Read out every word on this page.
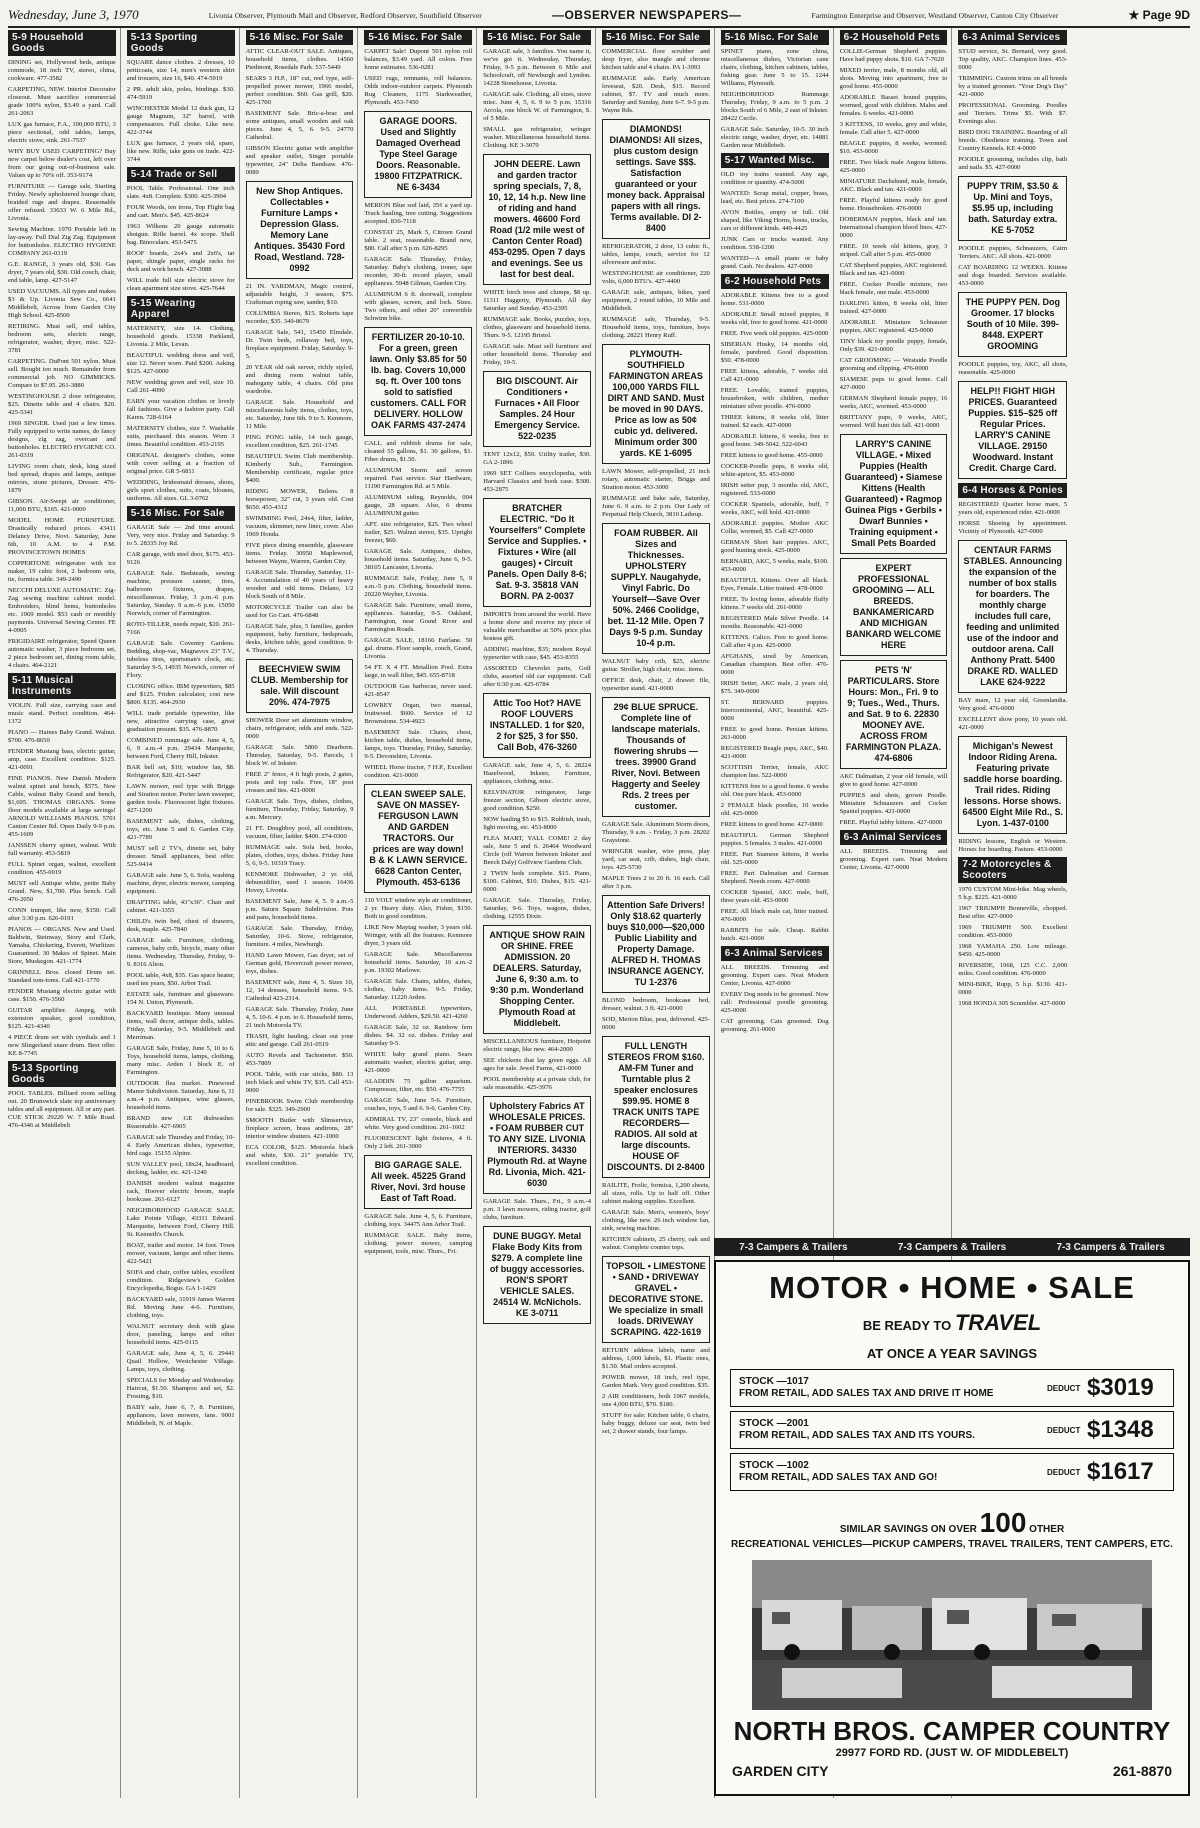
Wednesday, June 3, 1970	Livonia Observer, Plymouth Mail and Observer, Redford Observer, Southfield Observer	—OBSERVER NEWSPAPERS—	Farmington Enterprise and Observer, Westland Observer, Canton City Observer	★ Page 9D
5-9 Household Goods
DINING set, Hollywood beds, antique commode, 18 inch TV, stereo, china, cookware. 477-3582
CARPETING, NEW. Interior Decorator closeout. Must sacrifice commercial grade 100% nylon, $3.49 a yard. Call 261-2063
LUX gas furnace, F.A., 100,000 BTU, 3 piece sectional, odd tables, lamps, electric stove, sink. 261-7537
WHY BUY USED CARPETING? Buy new carpet below dealer's cost, left over from our going out-of-business sale. Values up to 70% off. 353-9174
FURNITURE — Garage sale, Starting Friday. Newly upholstered lounge chair, braided rugs and drapes. Reasonable offer refused. 33633 W. 6 Mile Rd., Livonia.
Sewing Machine. 1970 Portable left in lay-away. Full Dial Zig Zag. Equipment for buttonholes. ELECTRO HYGIENE COMPANY 261-0319
G.E. RANGE, 3 years old, $30. Gas dryer, 7 years old, $30. Old couch, chair, end table, lamp. 427-5147
USED VACUUMS. All types and makes $3 & Up. Livonia Sew Co., 6641 Middlebelt, Across from Garden City High School. 425-8500
RETIRING. Must sell, end tables, bedroom sets, electric range, refrigerator, washer, dryer, misc. 522-3781
CARPETING. DuPont 501 nylon. Must sell. Bought too much. Remainder from commercial job. NO GIMMICKS. Compare to $7.95. 261-3880
WESTINGHOUSE 2 door refrigerator, $25. Dinette table and 4 chairs. $20. 425-5341
1969 SINGER. Used just a few times. Fully equipped to write names, do fancy designs, zig zag, overcast and buttonholes. ELECTRO HYGIENE CO. 261-0319
LIVING room chair, desk, king sized bed spread, drapes and lamps, antique mirrors, stone pictures, Dresser. 476-1879
GIBSON. Air-Swept air conditioner, 11,000 BTU, $165. 421-0000
MODEL HOME FURNITURE. Drastically reduced prices. 43411 Delancy Drive, Novi. Saturday, June 6th, 10 A.M. to 4 P.M. PROVINCETOWN HOMES
COPPERTONE refrigerator with ice maker, 19 cubic foot, 2 bedroom sets, tie, formica table. 349-2490
NECCHI DELUXE AUTOMATIC. Zig-Zag sewing machine cabinet model. Embroiders, blind hems, buttonholes etc. 1969 model. $53 cash or monthly payments. Universal Sewing Center. FE 4-0905
FRIGIDAIRE refrigerator, Speed Queen automatic washer, 3 piece bedroom set, 2 piece bedroom set, dining room table, 4 chairs. 464-2121
5-11 Musical Instruments
VIOLIN. Full size, carrying case and music stand. Perfect condition. 464-1372
PIANO — Haines Baby Grand. Walnut. $700. 476-8650
FENDER Mustang bass, electric guitar, amp, case. Excellent condition. $125. 421-0091
FINE PIANOS. New Danish Modern walnut spinet and bench, $575. New Cable, walnut Baby Grand and bench, $1,695. THOMAS ORGANS. Some floor models available at large savings! ARNOLD WILLIAMS PIANOS. 5701 Canton Center Rd. Open Daily 9-9 p.m. 455-1609
JANSSEN cherry spinet, walnut. With full warranty. 453-5819
FULL Spinet organ, walnut, excellent condition. 455-0019
MUST sell Antique white, petite Baby Grand. New, $1,700. Plus bench. Call 476-2050
CONN trumpet, like new, $150. Call after 3:30 p.m. 626-0191
PIANOS — ORGANS. New and Used. Baldwin, Steinway, Story and Clark, Yamaha, Chickering, Everett, Wurlitzer. Guaranteed. 30 Makes of Spinet. Main Store, Muskegon. 421-1774
GRINNELL Bros. closed Drum set. Standard tom-toms. Call 421-1770
FENDER Mustang electric guitar with case. $150. 476-3560
GUITAR amplifier. Ampeg, with extension speaker, good condition, $125. 421-4340
4 PIECE drum set with cymbals and 1 new Slingerland snare drum. Best offer. KE 8-7745
5-13 Sporting Goods
POOL TABLES. Billiard room selling out. 20 Brunswick slate top anniversary tables and all equipment. All or any part. CUE STICK 29220 W. 7 Mile Road. 476-4346 at Middlebelt
5-13 Sporting Goods
SQUARE dance clothes. 2 dresses, 10 petticoats, size 14, men's western shirt and trousers, size 16, $40. 474-5919
2 PR. adult skis, poles, bindings. $30. 474-5919
WINCHESTER Model 12 duck gun, 12 gauge Magnum, 32" barrel, with compensators. Full choke. Like new. 422-3744
LUX gas furnace, 2 years old, spare, like new. Rifle, take guns on trade. 422-3744
5-14 Trade or Sell
POOL Table. Professional. One inch slate. 4x8. Complete. $300. 425-3904
FOUR Woods, ten irons, Top Flight bag and cart. Men's. $45. 425-8624
1963 Wilkens 20 gauge automatic shotgun. Rifle barrel. 4x scope. Shell bag. Binoculars. 453-5475
ROOF boards, 2x4's and 2x6's, tar paper, shingle paper, single racks for deck and work bench. 427-3088
WILL trade full size electric stove for clean apartment size stove. 425-7644
5-15 Wearing Apparel
MATERNITY, size 14. Clothing, household goods. 15338 Parkland, Livonia. 2 Mile, Levan.
BEAUTIFUL wedding dress and veil, size 12. Never worn. Paid $200. Asking $125. 427-0000
NEW wedding gown and veil, size 10. Call 261-4090
EARN your vacation clothes or lovely fall fashions. Give a fashion party. Call Karen. 728-6164
MATERNITY clothes, size 7. Washable suits, purchased this season. Worn 3 times. Beautiful condition. 453-2195
ORIGINAL designer's clothes, some with cover selling at a fraction of original price. GR 5-6811
WEDDING, bridesmaid dresses, shoes, girls sport clothes, suits, coats, blouses, uniforms. All sizes. GL 3-0762
5-16 Misc. For Sale
GARAGE Sale — 2nd time around. Very, very nice. Friday and Saturday. 9 to 5. 28335 Joy Rd.
CAR garage, with steel door, $175. 453-9126
GARAGE Sale. Bedsteads, sewing machine, pressure canner, tires, bathroom fixtures, drapes, miscellaneous. Friday, 3 p.m.-6 p.m. Saturday, Sunday. 9 a.m.-6 p.m. 15050 Norwich, corner of Farmington.
ROTO-TILLER, needs repair, $20. 261-7166
GARAGE Sale. Coventry Gardens. Bedding, shop-vac, Magnavox 23" T.V., tubeless tires, sportsman's clock, etc. Saturday 9-5, 14935 Norwich, corner of Flory.
CLOSING office. IBM typewriters, $85 and $125. Friden calculator, cost new $800. $135. 464-2930
WILL trade portable typewriter, like new, attractive carrying case, great graduation present. $35. 476-8870
COMBINED rummage sale. June 4, 5, 6, 9 a.m.-4 p.m. 29434 Marquette, between Ford, Cherry Hill, Inkster.
BAR bell set, $10; window fan, $8. Refrigerator, $20. 421-5447
LAWN mower, reel type with Briggs and Stratton motor. Porter lawn sweeper, garden tools. Fluorescent light fixtures. 427-1200
BASEMENT sale, dishes, clothing, toys, etc. June 5 and 6. Garden City. 421-7789
MUST sell 2 TV's, dinette set, baby dresser. Small appliances, best offer. 525-9414
GARAGE sale. June 5, 6. Sofa, washing machine, dryer, electric mower, camping equipment.
DRAFTING table, 43"x36". Chair and cabinet. 421-3355
CHILD's twin bed, chest of drawers, desk, maple. 425-7840
GARAGE sale. Furniture, clothing, cameras, baby crib, bicycle, many other items. Wednesday, Thursday, Friday, 9-9. 8316 Alton.
POOL table, 4x8, $35. Gas space heater, used ten years, $50. Arbor Trail.
ESTATE sale, furniture and glassware. 154 N. Union, Plymouth.
BACKYARD boutique. Many unusual items, wall decor, antique dolls, tables. Friday, Saturday, 9-5. Middlebelt and Merriman.
GARAGE Sale, Friday, June 5, 10 to 6. Toys, household items, lamps, clothing, many misc. Arden 1 block E. of Farmington.
OUTDOOR flea market. Pinewood Manor Subdivision. Saturday, June 6, 11 a.m.-4 p.m. Antiques, wine glasses, household items.
BRAND new GE dishwasher. Reasonable. 427-6905
GARAGE sale Thursday and Friday, 10-4. Early American dishes, typewriter, bird cage. 15155 Alpine.
SUN VALLEY pool, 18x24, headboard, decking, ladder, etc. 421-1240
DANISH modern walnut magazine rack, Hoover electric broom, maple bookcase. 261-6127
NEIGHBORHOOD GARAGE SALE. Lake Pointe Village, 43311 Edward. Marquette, between Ford, Cherry Hill. St. Kenneth's Church.
BOAT, trailer and motor. 14 foot. Town mower, vacuum, lamps and other items. 422-5421
SOFA and chair, coffee tables, excellent condition. Ridgeview's Golden Encyclopedia, Bogus. GA 1-1429
BACKYARD sale, 31919 James Warren Rd. Moving June 4-6. Furniture, clothing, toys.
WALNUT secretary desk with glass door, paneling, lamps and other household items. 425-0115
GARAGE sale, June 4, 5, 6. 29441 Quail Hollow, Westchester Village. Lamps, toys, clothing.
SPECIALS for Monday and Wednesday. Haircut, $1.50. Shampoo and set, $2. Frosting, $10.
BABY sale, June 6, 7, 8. Furniture, appliances, lawn mowers, fans. 9001 Middlebelt, N. of Maple.
5-16 Misc. For Sale
ATTIC CLEAR-OUT SALE. Antiques, household items, clothes. 14560 Piedmont, Rosedale Park. 537-5449
SEARS 3 H.P., 18" cut, reel type, self-propelled power mower, 1966 model, perfect condition. $60. Gas grill, $20. 425-1700
BASEMENT Sale. Bric-a-brac and some antiques, small wooden and oak pieces. June 4, 5, 6. 9-5. 24770 Cathedral.
GIBSON Electric guitar with amplifier and speaker outlet, Singer portable typewriter, 24" Delta Bandsaw. 476-0089
New Shop Antiques. Collectables • Furniture Lamps • Depression Glass. Memory Lane Antiques. 35430 Ford Road, Westland. 728-0992
21 IN. YARDMAN, Magic control, adjustable height, 3 season, $75. Craftsman roping saw, sander, $10.
COLUMBIA Stereo, $15. Roberts tape recorder, $35. 349-8679
GARAGE Sale, 541, 15450 Elmdale. Dr. Twin beds, rollaway bed, toys, fireplace equipment. Friday, Saturday. 9-5.
20 YEAR old oak server, richly styled, and dining room walnut table, mahogany table, 4 chairs. Old pine wardrobe.
GARAGE Sale. Household and miscellaneous baby items, clothes, toys, etc. Saturday, June 6th. 9 to 5. Kenmore, 11 Mile.
PING PONG table, 14 inch gauge, excellent condition, $25. 261-1745
BEAUTIFUL Swim Club membership. Kimberly Sub., Farmington. Membership certificate, regular price $400.
RIDING MOWER, Bolens. 8 horsepower, 32" cut, 3 years old. Cost $650. 453-4312
SWIMMING Pool, 24x4, filter, ladder, vacuum, skimmer, new liner, cover. Also 1969 Honda.
FIVE piece dining ensemble, glassware items. Friday. 30950 Maplewood, between Wayne, Warren, Garden City.
GARAGE Sale. Thursday, Saturday, 11-4. Accumulation of 40 years of heavy wooden and odd items. Delano, 1/2 block South of 8 Mile.
MOTORCYCLE Trailer can also be used for Go Cart. 476-6848
GARAGE Sale, plus, 5 families, garden equipment, baby furniture, bedspreads, desks, kitchen table, good condition. 9-4. Thursday.
BEECHVIEW SWIM CLUB. Membership for sale. Will discount 20%. 474-7975
SHOWER Door set aluminum window, chairs, refrigerator, odds and ends. 522-0000
GARAGE Sale. 5800 Dearborn. Thursday, Saturday, 9-5. Parcels, 1 block W. of Inkster.
FREE 2" fence, 4 ft high posts, 2 gates, posts and top rails. Free, 18" post crosses and ties. 421-0000
GARAGE Sale. Toys, dishes, clothes, furniture, Thursday, Friday, Saturday, 9 a.m. Mercury.
21 FT. Doughboy pool, all conditions, vacuum, filter, ladder. $400. 274-0300
RUMMAGE sale. Sofa bed, books, plates, clothes, toys, dishes. Friday June 5, 6, 9-5. 10319 Tracy.
KENMORE Dishwasher, 2 yr. old, dehumidifier, used 1 season. 16436 Hovey, Livonia.
BASEMENT Sale, June 4, 5. 9 a.m.-5 p.m. Saturn Square Subdivision. Pots and pans, household items.
GARAGE Sale. Thursday, Friday, Saturday, 10-6. Stove, refrigerator, furniture. 4 miles, Newburgh.
HAND Lawn Mower, Gas dryer, set of German gold, Hovercraft power mower, toys, dishes.
BASEMENT sale, June 4, 5. Sizes 10, 12, 14 dresses, household items. 9-5. Cathedral 423-2314.
GARAGE Sale. Thursday, Friday, June 4, 5. 10-6. 4 p.m. to 6. Household items, 21 inch Motorola TV.
TRASH, light hauling, clean out your attic and garage. Call 261-0519
AUTO Revels and Tachometer. $50. 453-7809
POOL Table, with cue sticks, $80. 13 inch black and white TV, $35. Call 453-9000
PINEBROOK Swim Club membership for sale. $325. 349-2900
SMOOTH Butler with Slimservice, fireplace screen, brass andirons, 28" interior window shutters. 421-1000
ECA COLOR, $125. Motorola black and white, $30. 21" portable TV, excellent condition.
5-16 Misc. For Sale
CARPET Sale! Dupont 501 nylon roll balances, $3.49 yard. All colors. Free home estimates. 536-0281
USED rugs, remnants, roll balances. Odds indoor-outdoor carpets. Plymouth Rug Cleaners, 1175 Starkweather, Plymouth. 453-7450
GARAGE DOORS. Used and Slightly Damaged Overhead Type Steel Garage Doors. Reasonable. 19800 FITZPATRICK. NE 6-3434
MERION Blue sod laid, 35¢ a yard up. Truck hauling, tree cutting. Suggestions accepted. 836-7118
CONSTAT 25, Mark 5, Citroen Grand table. 2 seat, reasonable. Brand new, $80. Call after 5 p.m. 626-8295
GARAGE Sale. Thursday, Friday, Saturday. Baby's clothing, ironer, tape recorder, 30-ft. record player, small appliances. 5948 Gilman, Garden City.
ALUMINUM 6 ft. doorwall, complete with glasses, screen, and lock. Sizes. Two others, and other 20" convertible Schwinn bike.
FERTILIZER 20-10-10. For a green, green lawn. Only $3.85 for 50 lb. bag. Covers 10,000 sq. ft. Over 100 tons sold to satisfied customers. CALL FOR DELIVERY. HOLLOW OAK FARMS 437-2474
CALL and rubbish drums for sale, cleaned 55 gallons, $1. 30 gallons, $1. Fiber drums, $1.50.
ALUMINUM Storm and screen repaired. Fast service. Star Hardware, 11190 Farmington Rd. at 5 Mile.
ALUMINUM siding, Reynolds, 004 gauge, 28 square. Also, 6 drums ALUMINUM gutter.
APT. size refrigerator, $25. Two wheel trailer, $25. Walnut stereo, $35. Upright freezer, $60.
GARAGE Sale. Antiques, dishes, household items. Saturday, June 6, 9-5. 38105 Lancaster, Livonia.
RUMMAGE Sale, Friday, June 5, 9 a.m.-5 p.m. Clothing, household items. 20220 Weyher, Livonia.
GARAGE Sale. Furniture, small items, appliances. Saturday, 9-5. Oakland, Farmington, near Grand River and Farmington Roads.
GARAGE SALE, 18166 Fairlane. 50 gal. drums. Floor sample, couch, Grand, Livonia.
54 FT. X 4 FT. Metallion Pool. Extra large, in wall filter, $45. 655-8718
OUTDOOR Gas barbecue, never used. 421-8547
LOWREY Organ, two manual, fruitwood. $600. Service of 12 Brownstone. 534-4923
BASEMENT Sale. Chairs, chest, kitchen table, dishes, household items, lamps, toys. Thursday, Friday, Saturday. 9-5. Devonshire, Livonia.
WHEEL Horse tractor, 7 H.P., Excellent condition. 421-0000
CLEAN SWEEP SALE. SAVE ON MASSEY-FERGUSON LAWN AND GARDEN TRACTORS. Our prices are way down! B & K LAWN SERVICE. 6628 Canton Center, Plymouth. 453-6136
110 VOLT window style air conditioner, 2 yr. Heavy duty. Also, Fisher, $150. Both in good condition.
LIKE New Maytag washer, 3 years old. Wringer, with all the features. Kenmore dryer, 3 years old.
GARAGE Sale. Miscellaneous household items. Saturday, 10 a.m.-2 p.m. 19302 Marlowe.
GARAGE Sale. Chairs, tables, dishes, clothes, baby items. 9-5. Friday, Saturday. 11220 Arden.
ALL PORTABLE typewriters, Underwood. Adders, $29.50. 421-4260
GARAGE Sale, 32 oz. Rainbow fern dishes. $4. 32 oz. dishes. Friday and Saturday 9-5.
WHITE baby grand piano. Sears automatic washer, electric guitar, amp. 421-0000
ALADDIN 75 gallon aquarium. Compressor, filter, etc. $50. 476-7755
GARAGE Sale, June 5-6. Furniture, couches, toys, 5 and 6. 9-6. Garden City.
ADMIRAL TV, 23" console, black and white. Very good condition. 261-1602
FLUORESCENT light fixtures, 4 ft. Only 2 left. 261-3000
BIG GARAGE SALE. All week. 45225 Grand River, Novi. 3rd house East of Taft Road.
GARAGE Sale. June 4, 5, 6. Furniture, clothing, toys. 34475 Ann Arbor Trail.
RUMMAGE SALE. Baby items, clothing, power mower, camping equipment, tools, misc. Thurs., Fri.
5-16 Misc. For Sale
GARAGE sale, 3 families. You name it, we've got it. Wednesday, Thursday, Friday, 9-5 p.m. Between 6 Mile and Schoolcraft, off Newburgh and Lyndon. 14228 Stonehouse, Livonia.
GARAGE sale. Clothing, all sizes, stove misc. June 4, 5, 6. 9 to 5 p.m. 15316 Arcola, one block W. of Farmington, S. of 5 Mile.
SMALL gas refrigerator, wringer washer. Miscellaneous household items. Clothing. KE 3-3079
JOHN DEERE. Lawn and garden tractor spring specials, 7, 8, 10, 12, 14 h.p. New line of riding and hand mowers. 46600 Ford Road (1/2 mile west of Canton Center Road) 453-0295. Open 7 days and evenings. See us last for best deal.
WHITE birch trees and clumps, $8 up. 11311 Haggerty, Plymouth. All day Saturday and Sunday. 453-2395
RUMMAGE sale. Books, puzzles, toys, clothes, glassware and household items. Thurs. 9-5. 12195 Bristol.
GARAGE sale. Must sell furniture and other household items. Thursday and Friday, 10-5.
BIG DISCOUNT. Air Conditioners • Furnaces • All Floor Samples. 24 Hour Emergency Service. 522-0235
TENT 12x12, $50. Utility trailer, $30. GA 2-1896
1969 SET Colliers encyclopedia, with Harvard Classics and book case. $300. 453-2875
BRATCHER ELECTRIC. "Do It Yourselfers" Complete Service and Supplies. • Fixtures • Wire (all gauges) • Circuit Panels. Open Daily 8-6; Sat. 9-3. 35818 VAN BORN. PA 2-0037
IMPORTS from around the world. Have a home show and receive my piece of valuable merchandise at 50% price plus hostess gift.
ADDING machine, $35; modern Royal typewriter with case, $45. 453-8355
ASSORTED Chevrolet parts, Golf clubs, assorted old car equipment. Call after 6:30 p.m. 425-6784
Attic Too Hot? HAVE ROOF LOUVERS INSTALLED. 1 for $20, 2 for $25, 3 for $50. Call Bob, 476-3260
GARAGE sale, June 4, 5, 6. 28224 Hazelwood, Inkster, Furniture, appliances, clothing, misc.
KELVINATOR refrigerator, large freezer section, Gibson electric stove, good condition. $250.
NOW hauling $5 to $15. Rubbish, trash, light moving, etc. 453-8000
FLEA MART, YALL COME! 2 day sale, June 5 and 6. 26464 Woodward Circle (off Warren between Inkster and Beech Daly) Golfview Gardens Club.
2 TWIN beds complete. $15. Piano, $100. Cabinet, $10. Dishes, $15. 421-0000
GARAGE Sale. Thursday, Friday, Saturday, 9-6. Toys, wagons, dishes, clothing. 12555 Dixie.
ANTIQUE SHOW RAIN OR SHINE. FREE ADMISSION. 20 DEALERS. Saturday, June 6, 9:30 a.m. to 9:30 p.m. Wonderland Shopping Center. Plymouth Road at Middlebelt.
MISCELLANEOUS furniture, Hotpoint electric range, like new. 464-2000
SEE chickens that lay green eggs. All ages for sale. Jewel Farms, 421-0000
POOL membership at a private club, for sale reasonable. 425-3976
Upholstery Fabrics AT WHOLESALE PRICES. • FOAM RUBBER CUT TO ANY SIZE. LIVONIA INTERIORS. 34330 Plymouth Rd. at Wayne Rd. Livonia, Mich. 421-6030
GARAGE Sale. Thurs., Fri., 9 a.m.-4 p.m. 3 lawn mowers, riding tractor, golf clubs, furniture.
DUNE BUGGY. Metal Flake Body Kits from $279. A complete line of buggy accessories. RON'S SPORT VEHICLE SALES. 24514 W. McNichols. KE 3-0711
5-16 Misc. For Sale
COMMERCIAL floor scrubber and deep fryer, also mangle and chrome kitchen table and 4 chairs. PA 1-3093
RUMMAGE sale. Early American loveseat, $20. Desk, $15. Record cabinet, $7. TV and much more. Saturday and Sunday, June 6-7. 9-5 p.m. Wayne Rds.
DIAMONDS! DIAMONDS! All sizes, plus custom design settings. Save $$$. Satisfaction guaranteed or your money back. Appraisal papers with all rings. Terms available. DI 2-8400
REFRIGERATOR, 2 door, 13 cubic ft., tables, lamps, couch, service for 12 silverware and misc.
WESTINGHOUSE air conditioner, 220 volts, 6,000 BTU's. 427-4400
GARAGE sale, antiques, bikes, yard equipment, 2 round tables, 10 Mile and Middlebelt.
RUMMAGE sale, Thursday, 9-5. Household items, toys, furniture, boys clothing. 28221 Henry Ruff.
PLYMOUTH-SOUTHFIELD FARMINGTON AREAS 100,000 YARDS FILL DIRT AND SAND. Must be moved in 90 DAYS. Price as low as 50¢ cubic yd. delivered. Minimum order 300 yards. KE 1-6095
LAWN Mower, self-propelled, 21 inch rotary, automatic starter, Briggs and Stratton motor. 453-3000
RUMMAGE and bake sale, Saturday, June 6. 9 a.m. to 2 p.m. Our Lady of Perpetual Help Church, 3810 Lathrup.
FOAM RUBBER. All Sizes and Thicknesses. UPHOLSTERY SUPPLY. Naugahyde, Vinyl Fabric. Do Yourself—Save Over 50%. 2466 Coolidge, bet. 11-12 Mile. Open 7 Days 9-5 p.m. Sunday 10-4 p.m.
WALNUT baby crib, $25, electric guitar. Stroller, high chair, misc. items.
OFFICE desk, chair, 2 drawer file, typewriter stand. 421-0000
29¢ BLUE SPRUCE. Complete line of landscape materials. Thousands of flowering shrubs — trees. 39900 Grand River, Novi. Between Haggerty and Seeley Rds. 2 trees per customer.
GARAGE Sale. Aluminum Storm doors, Thursday, 9 a.m. - Friday, 3 p.m. 28202 Graystone.
WRINGER washer, wire press, play yard, car seat, crib, dishes, high chair, toys. 425-5730
MAPLE Trees 2 to 20 ft. 16 each. Call after 3 p.m.
Attention Safe Drivers! Only $18.62 quarterly buys $10,000—$20,000 Public Liability and Property Damage. ALFRED H. THOMAS INSURANCE AGENCY. TU 1-2376
BLOND bedroom, bookcase bed, dresser, walnut. 3 ft. 421-0000
SOD, Merion Blue, peat, delivered. 425-0000
FULL LENGTH STEREOS FROM $160. AM-FM Tuner and Turntable plus 2 speaker enclosures $99.95. HOME 8 TRACK UNITS TAPE RECORDERS—RADIOS. All sold at large discounts. HOUSE OF DISCOUNTS. DI 2-8400
RAILITE, Frolic, formica, 1,200 sheets, all sizes, rolls. Up to half off. Other cabinet making supplies. Excellent.
GARAGE Sale. Men's, women's, boys' clothing, like new. 26 inch window fan, sink, sewing machine.
KITCHEN cabinets, 25 cherry, oak and walnut. Complete counter tops.
TOPSOIL • LIMESTONE • SAND • DRIVEWAY GRAVEL • DECORATIVE STONE. We specialize in small loads. DRIVEWAY SCRAPING. 422-1619
RETURN address labels, name and address, 1,000 labels, $1. Plastic ones, $1.50. Mail orders accepted.
POWER mower, 18 inch, reel type, Garden Mark. Very good condition. $35.
2 AIR conditioners, both 1967 models, one 4,000 BTU, $70. $180.
STUFF for sale: Kitchen table, 6 chairs, baby buggy, deluxe car seat, twin bed set, 2 drawer stands, four lamps.
5-16 Misc. For Sale
SPINET piano, zone china, miscellaneous dishes, Victorian cane chairs, clothing, kitchen cabinets, tables, fishing gear. June 5 to 15. 1244 Williams, Plymouth.
NEIGHBORHOOD Rummage Thursday, Friday, 9 a.m. to 5 p.m. 2 blocks South of 6 Mile, 2 east of Inkster. 28422 Cecile.
GARAGE Sale. Saturday, 10-5. 30 inch electric range, washer, dryer, etc. 14881 Garden near Middlebelt.
5-17 Wanted Misc.
OLD toy trains wanted. Any age, condition or quantity. 474-5000
WANTED: Scrap metal, copper, brass, lead, etc. Best prices. 274-7100
AVON Bottles, empty or full. Old shaped, like Viking Horns, boots, trucks, cars or different kinds. 449-4425
JUNK Cars or trucks wanted. Any condition. 538-1200
WANTED—A small piano or baby grand. Cash. No dealers. 427-0000
6-2 Household Pets
ADORABLE Kittens free to a good home. 531-0000
ADORABLE Small mixed puppies, 8 weeks old, free to good home. 421-0000
FREE. Five week old puppies. 425-0000
SIBERIAN Husky, 14 months old, female, purebred. Good disposition. $50. 478-0000
FREE kittens, adorable, 7 weeks old. Call 421-0000
FREE. Lovable, trained puppies, housebroken, with children, mother miniature silver poodle. 476-0000
THREE kittens, 8 weeks old, litter trained. $2 each. 427-0000
ADORABLE kittens, 6 weeks, free to good home. 349-5042. 522-6043
FREE kittens to good home. 455-0000
COCKER-Poodle pups, 8 weeks old, white-apricot, $5. 453-0000
IRISH setter pup, 3 months old, AKC, registered. 533-0000
COCKER Spaniels, adorable, buff, 7 weeks, AKC, will hold. 421-0000
ADORABLE puppies. Mother AKC Collie, wormed, $5. Call 427-0000
GERMAN Short hair puppies. AKC, good hunting stock. 425-0000
BERNARD, AKC, 5 weeks, male, $100. 453-0000
BEAUTIFUL Kittens. Over all black. Eyes, Female. Litter trained. 478-0000
FREE. To loving home, adorable fluffy kittens. 7 weeks old. 261-0000
REGISTERED Male Silver Poodle. 14 months. Reasonable. 421-0000
KITTENS. Calico. Free to good home. Call after 4 p.m. 425-0000
AFGHANS, sired by American, Canadian champion. Best offer. 476-0000
IRISH Setter, AKC male, 2 years old, $75. 349-0000
ST. BERNARD puppies. Intercontinental, AKC, beautiful. 425-0000
FREE to good home. Persian kittens. 261-0000
REGISTERED Beagle pups, AKC, $40. 421-0000
SCOTTISH Terrier, female, AKC champion line. 522-0000
KITTENS free to a good home. 6 weeks old. One pure black. 453-0000
2 FEMALE black poodles, 10 weeks old. 425-0000
FREE kittens to good home. 427-0000
BEAUTIFUL German Shepherd puppies. 5 females. 3 males. 421-0000
FREE. Part Siamese kittens, 8 weeks old. 525-0000
FREE. Part Dalmatian and German Shepherd. Needs room. 427-0000
COCKER Spaniel, AKC male, buff, three years old. 453-0000
FREE. All black male cat, litter trained. 476-0000
RABBITS for sale. Cheap. Rabbit hutch. 421-0000
6-3 Animal Services
ALL BREEDS. Trimming and grooming. Expert care. Neat Modern Center, Livonia. 427-0000
EVERY Dog needs to be groomed. Now call: Professional poodle grooming. 425-0000
CAT grooming. Cats groomed. Dog grooming. 261-0000
6-2 Household Pets
COLLIE-German Shepherd puppies. Have had puppy shots. $10. GA 7-7620
MIXED terrier, male, 8 months old, all shots. Moving into apartment, free to good home. 455-0000
ADORABLE Basset hound puppies, wormed, good with children. Males and females. 6 weeks. 421-0000
3 KITTENS, 10 weeks, grey and white, female. Call after 5. 427-0000
BEAGLE puppies, 8 weeks, wormed. $10. 453-0000
FREE. Two black male Angora kittens. 425-0000
MINIATURE Dachshund, male, female, AKC. Black and tan. 421-0000
FREE. Playful kittens ready for good home. Housebroken. 476-0000
DOBERMAN puppies, black and tan. International champion blood lines. 427-0000
FREE. 10 week old kittens, gray, 3 striped. Call after 5 p.m. 455-0000
CAT Shepherd puppies, AKC registered. Black and tan. 421-0000
FREE. Cocker Poodle mixture, two black female, one male. 453-0000
DARLING kitten, 8 weeks old, litter trained. 427-0000
ADORABLE Miniature Schnauzer puppies, AKC registered. 425-0000
TINY black toy poodle puppy, female, Only $39. 421-0000
CAT GROOMING — Westside Poodle grooming and clipping. 476-0000
SIAMESE pups to good home. Call 427-0000
GERMAN Shepherd female puppy, 16 weeks, AKC, wormed. 453-0000
BRITTANY pups, 9 weeks, AKC, wormed. Will hunt this fall. 421-0000
LARRY'S CANINE VILLAGE. • Mixed Puppies (Health Guaranteed) • Siamese Kittens (Health Guaranteed) • Ragmop Guinea Pigs • Gerbils • Dwarf Bunnies • Training equipment • Small Pets Boarded
EXPERT PROFESSIONAL GROOMING — ALL BREEDS. BANKAMERICARD AND MICHIGAN BANKARD WELCOME HERE
PETS 'N' PARTICULARS. Store Hours: Mon., Fri. 9 to 9; Tues., Wed., Thurs. and Sat. 9 to 6. 22830 MOONEY AVE. ACROSS FROM FARMINGTON PLAZA. 474-6806
AKC Dalmatian, 2 year old female, will give to good home. 427-0000
PUPPIES and shots, grown Poodle. Miniature Schnauzers and Cocker Spaniel puppies. 421-0000
FREE. Playful tabby kittens. 427-0000
6-3 Animal Services
ALL BREEDS. Trimming and grooming. Expert care. Neat Modern Center, Livonia. 427-0000
6-3 Animal Services
STUD service, St. Bernard, very good. Top quality, AKC. Champion lines. 453-0000
TRIMMING. Custom trims on all breeds by a trained groomer. "Your Dog's Day" 421-0000
PROFESSIONAL Grooming. Poodles and Terriers. Trims $5. With $7. Evenings also.
BIRD DOG TRAINING. Boarding of all breeds. Obedience training. Town and Country Kennels. KE 4-0000
POODLE grooming, includes clip, bath and nails. $5. 427-0000
PUPPY TRIM, $3.50 & Up. Mini and Toys, $5.95 up, including bath. Saturday extra. KE 5-7052
POODLE puppies, Schnauzers, Cairn Terriers. AKC. All shots. 421-0000
CAT BOARDING 12 WEEKS. Kittens and dogs boarded. Services available. 453-0000
THE PUPPY PEN. Dog Groomer. 17 blocks South of 10 Mile. 399-8448. EXPERT GROOMING
POODLE puppies, toy, AKC, all shots, reasonable. 425-0000
HELP!! FIGHT HIGH PRICES. Guaranteed Puppies. $15–$25 off Regular Prices. LARRY'S CANINE VILLAGE. 29150 Woodward. Instant Credit. Charge Card.
6-4 Horses & Ponies
REGISTERED Quarter horse mare, 5 years old, experienced rider. 421-0000
HORSE Shoeing by appointment. Vicinity of Plymouth. 427-0000
CENTAUR FARMS STABLES. Announcing the expansion of the number of box stalls for boarders. The monthly charge includes full care, feeding and unlimited use of the indoor and outdoor arena. Call Anthony Pratt. 5400 DRAKE RD. WALLED LAKE 624-9222
BAY mare, 12 year old, Greenlandia. Very good. 476-0000
EXCELLENT show pony, 10 years old. 421-0000
Michigan's Newest Indoor Riding Arena. Featuring private saddle horse boarding. Trail rides. Riding lessons. Horse shows. 64500 Eight Mile Rd., S. Lyon. 1-437-0100
RIDING lessons, English or Western. Horses for boarding. Pasture. 453-0000
7-2 Motorcycles & Scooters
1970 CUSTOM Mini-bike. Mag wheels, 5 h.p. $225. 421-0000
1967 TRIUMPH Bonneville, chopped. Best offer. 427-0000
1969 TRIUMPH 500. Excellent condition. 453-0000
1968 YAMAHA 250. Low mileage. $450. 425-0000
RIVERSIDE, 1968, 125 C.C. 2,000 miles. Good condition. 476-0000
MINI-BIKE, Rupp, 5 h.p. $130. 421-0000
1968 HONDA 305 Scrambler. 427-0000
7-3 Campers & Trailers	7-3 Campers & Trailers	7-3 Campers & Trailers
MOTOR • HOME • SALE
BE READY TO TRAVEL
AT ONCE A YEAR SAVINGS
STOCK —1017
FROM RETAIL, ADD SALES TAX AND DRIVE IT HOME	DEDUCT $3019
STOCK —2001
FROM RETAIL, ADD SALES TAX AND ITS YOURS.	DEDUCT $1348
STOCK —1002
FROM RETAIL, ADD SALES TAX AND GO!	DEDUCT $1617
SIMILAR SAVINGS ON OVER 100 OTHER
RECREATIONAL VEHICLES—PICKUP CAMPERS, TRAVEL TRAILERS, TENT CAMPERS, ETC.
NORTH BROS. CAMPER COUNTRY
29977 FORD RD. (JUST W. OF MIDDLEBELT)
GARDEN CITY	261-8870
